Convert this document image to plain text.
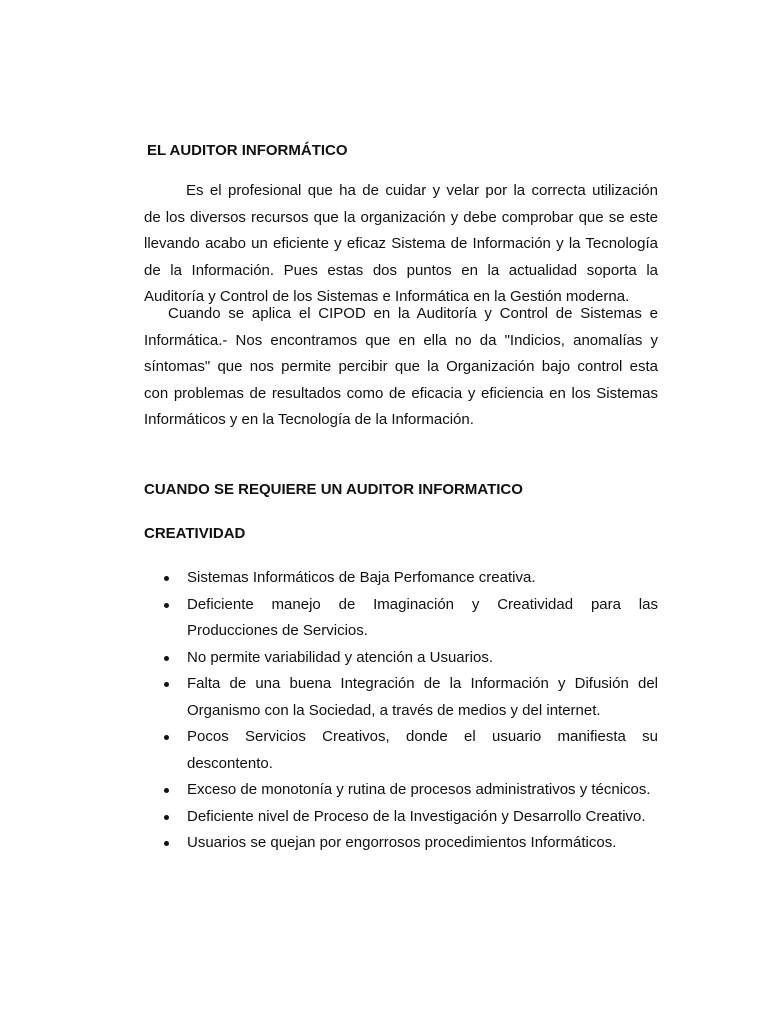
EL AUDITOR INFORMÁTICO
Es el profesional que ha de cuidar y velar por la correcta utilización
de los diversos recursos que la organización y debe comprobar que se este
llevando acabo un eficiente y eficaz Sistema de Información y la Tecnología
de la Información. Pues estas dos puntos en la actualidad soporta la
Auditoría y Control de los Sistemas e Informática en la Gestión moderna.
Cuando se aplica el CIPOD en la Auditoría y Control de Sistemas e
Informática.- Nos encontramos que en ella no da "Indicios, anomalías y
síntomas" que nos permite percibir que la Organización bajo control esta
con problemas de resultados como de eficacia y eficiencia en los Sistemas
Informáticos y en la Tecnología de la Información.
CUANDO SE REQUIERE UN AUDITOR INFORMATICO
CREATIVIDAD
Sistemas Informáticos de Baja Perfomance creativa.
Deficiente manejo de Imaginación y Creatividad para las
Producciones de Servicios.
No permite variabilidad y atención a Usuarios.
Falta de una buena Integración de la Información y Difusión del
Organismo con la Sociedad, a través de medios y del internet.
Pocos Servicios Creativos, donde el usuario manifiesta su
descontento.
Exceso de monotonía y rutina de procesos administrativos y técnicos.
Deficiente nivel de Proceso de la Investigación y Desarrollo Creativo.
Usuarios se quejan por engorrosos procedimientos Informáticos.
